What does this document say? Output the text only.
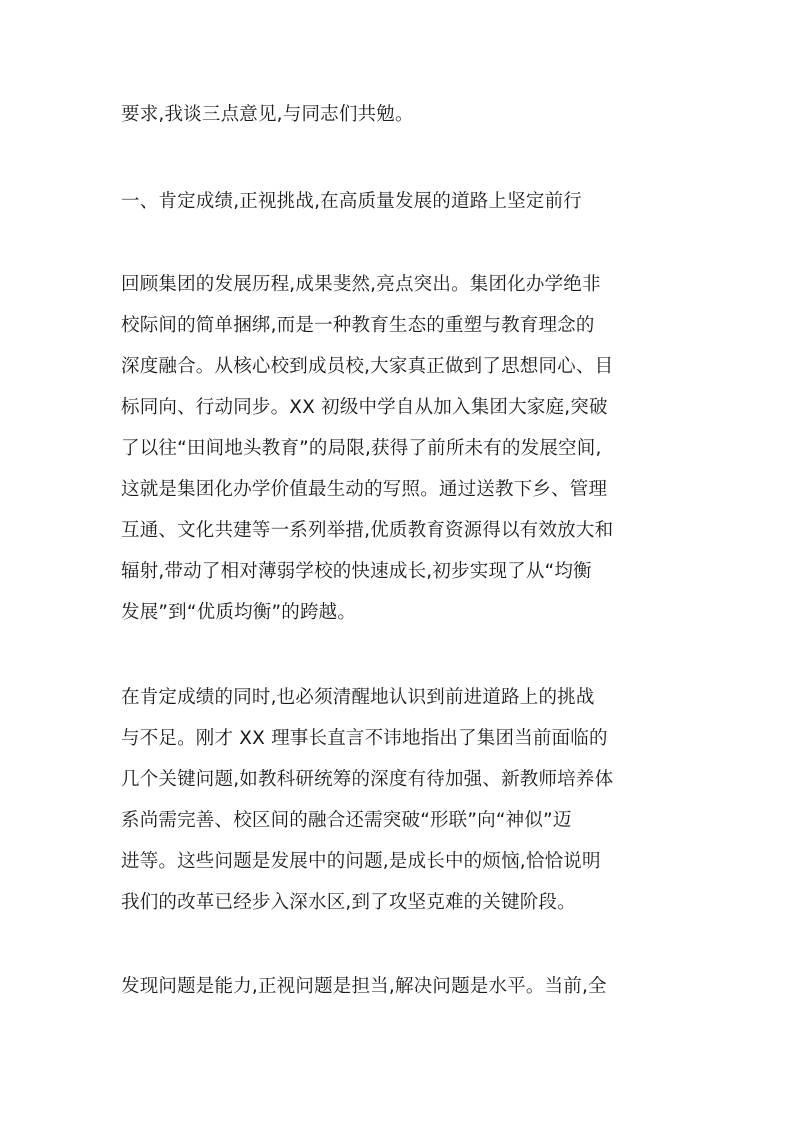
要求,我谈三点意见,与同志们共勉。
一、肯定成绩,正视挑战,在高质量发展的道路上坚定前行
回顾集团的发展历程,成果斐然,亮点突出。集团化办学绝非
校际间的简单捆绑,而是一种教育生态的重塑与教育理念的
深度融合。从核心校到成员校,大家真正做到了思想同心、目
标同向、行动同步。XX 初级中学自从加入集团大家庭,突破
了以往“田间地头教育”的局限,获得了前所未有的发展空间,
这就是集团化办学价值最生动的写照。通过送教下乡、管理
互通、文化共建等一系列举措,优质教育资源得以有效放大和
辐射,带动了相对薄弱学校的快速成长,初步实现了从“均衡
发展”到“优质均衡”的跨越。
在肯定成绩的同时,也必须清醒地认识到前进道路上的挑战
与不足。刚才 XX 理事长直言不讳地指出了集团当前面临的
几个关键问题,如教科研统筹的深度有待加强、新教师培养体
系尚需完善、校区间的融合还需突破“形联”向“神似”迈
进等。这些问题是发展中的问题,是成长中的烦恼,恰恰说明
我们的改革已经步入深水区,到了攻坚克难的关键阶段。
发现问题是能力,正视问题是担当,解决问题是水平。当前,全
